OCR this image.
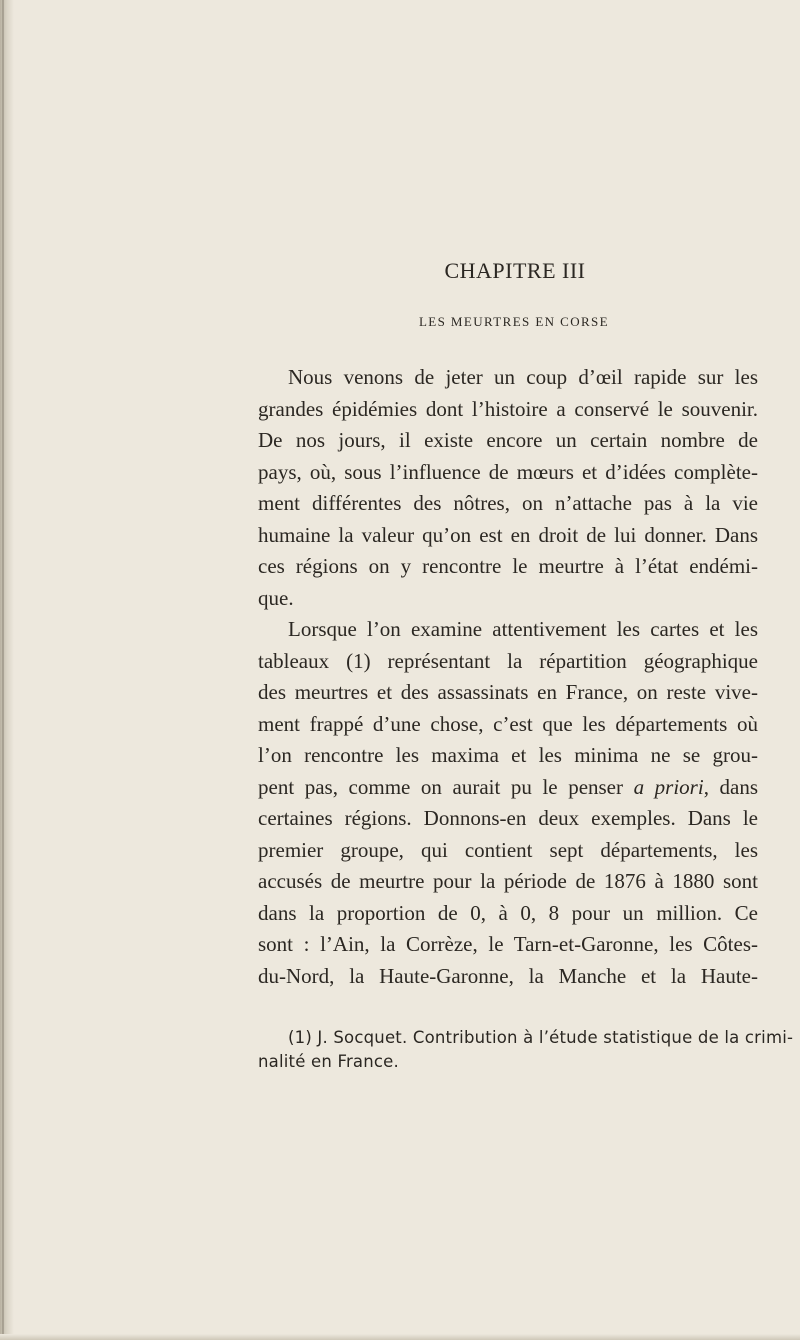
CHAPITRE III
LES MEURTRES EN CORSE
Nous venons de jeter un coup d’œil rapide sur les
grandes épidémies dont l’histoire a conservé le souvenir.
De nos jours, il existe encore un certain nombre de
pays, où, sous l’influence de mœurs et d’idées complète-
ment différentes des nôtres, on n’attache pas à la vie
humaine la valeur qu’on est en droit de lui donner. Dans
ces régions on y rencontre le meurtre à l’état endémi-
que.
Lorsque l’on examine attentivement les cartes et les
tableaux (1) représentant la répartition géographique
des meurtres et des assassinats en France, on reste vive-
ment frappé d’une chose, c’est que les départements où
l’on rencontre les maxima et les minima ne se grou-
pent pas, comme on aurait pu le penser a priori, dans
certaines régions. Donnons-en deux exemples. Dans le
premier groupe, qui contient sept départements, les
accusés de meurtre pour la période de 1876 à 1880 sont
dans la proportion de 0, à 0, 8 pour un million. Ce
sont : l’Ain, la Corrèze, le Tarn-et-Garonne, les Côtes-
du-Nord, la Haute-Garonne, la Manche et la Haute-
(1) J. Socquet. Contribution à l’étude statistique de la crimi-
nalité en France.
